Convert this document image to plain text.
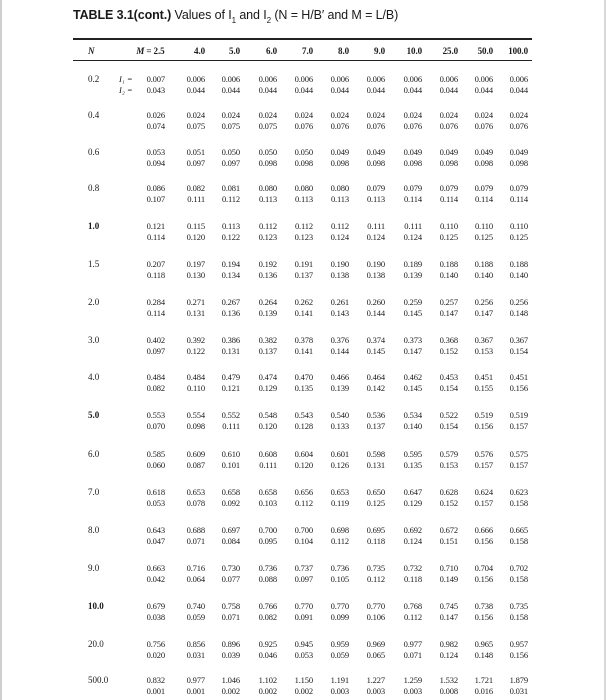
TABLE 3.1(cont.) Values of $I_1$ and $I_2$ (N = H/B′ and M = L/B)
N	M = 2.5	4.0	5.0	6.0	7.0	8.0	9.0 10.0 25.0 50.0 100.0
0.2 I₁ = 0.007	0.006 0.006 0.006 0.006 0.006 0.006 0.006 0.006 0.006 0.006
I₂ = 0.043	0.044 0.044 0.044 0.044 0.044 0.044 0.044 0.044 0.044 0.044
0.4	0.026	0.024 0.024 0.024 0.024 0.024 0.024 0.024 0.024 0.024 0.024
0.074	0.075 0.075 0.075 0.076 0.076 0.076 0.076 0.076 0.076 0.076
0.6	0.053	0.051 0.050 0.050 0.050 0.049 0.049 0.049 0.049 0.049 0.049
0.094	0.097 0.097 0.098 0.098 0.098 0.098 0.098 0.098 0.098 0.098
0.8	0.086	0.082 0.081 0.080 0.080 0.080 0.079 0.079 0.079 0.079 0.079
0.107	0.111 0.112 0.113 0.113 0.113 0.113 0.114 0.114 0.114 0.114
1.0	0.121	0.115 0.113 0.112 0.112 0.112 0.111 0.111 0.110 0.110 0.110
0.114	0.120 0.122 0.123 0.123 0.124 0.124 0.124 0.125 0.125 0.125
1.5	0.207	0.197 0.194 0.192 0.191 0.190 0.190 0.189 0.188 0.188 0.188
0.118	0.130 0.134 0.136 0.137 0.138 0.138 0.139 0.140 0.140 0.140
2.0	0.284	0.271 0.267 0.264 0.262 0.261 0.260 0.259 0.257 0.256 0.256
0.114	0.131 0.136 0.139 0.141 0.143 0.144 0.145 0.147 0.147 0.148
3.0	0.402	0.392 0.386 0.382 0.378 0.376 0.374 0.373 0.368 0.367 0.367
0.097	0.122 0.131 0.137 0.141 0.144 0.145 0.147 0.152 0.153 0.154
4.0	0.484	0.484 0.479 0.474 0.470 0.466 0.464 0.462 0.453 0.451 0.451
0.082	0.110 0.121 0.129 0.135 0.139 0.142 0.145 0.154 0.155 0.156
5.0	0.553	0.554 0.552 0.548 0.543 0.540 0.536 0.534 0.522 0.519 0.519
0.070	0.098 0.111 0.120 0.128 0.133 0.137 0.140 0.154 0.156 0.157
6.0	0.585	0.609 0.610 0.608 0.604 0.601 0.598 0.595 0.579 0.576 0.575
0.060	0.087 0.101 0.111 0.120 0.126 0.131 0.135 0.153 0.157 0.157
7.0	0.618	0.653 0.658 0.658 0.656 0.653 0.650 0.647 0.628 0.624 0.623
0.053	0.078 0.092 0.103 0.112 0.119 0.125 0.129 0.152 0.157 0.158
8.0	0.643	0.688 0.697 0.700 0.700 0.698 0.695 0.692 0.672 0.666 0.665
0.047	0.071 0.084 0.095 0.104 0.112 0.118 0.124 0.151 0.156 0.158
9.0	0.663	0.716 0.730 0.736 0.737 0.736 0.735 0.732 0.710 0.704 0.702
0.042	0.064 0.077 0.088 0.097 0.105 0.112 0.118 0.149 0.156 0.158
10.0	0.679	0.740 0.758 0.766 0.770 0.770 0.770 0.768 0.745 0.738 0.735
0.038	0.059 0.071 0.082 0.091 0.099 0.106 0.112 0.147 0.156 0.158
20.0	0.756	0.856 0.896 0.925 0.945 0.959 0.969 0.977 0.982 0.965 0.957
0.020	0.031 0.039 0.046 0.053 0.059 0.065 0.071 0.124 0.148 0.156
500.0	0.832	0.977 1.046 1.102 1.150 1.191 1.227 1.259 1.532 1.721 1.879
0.001	0.001 0.002 0.002 0.002 0.003 0.003 0.003 0.008 0.016 0.031
